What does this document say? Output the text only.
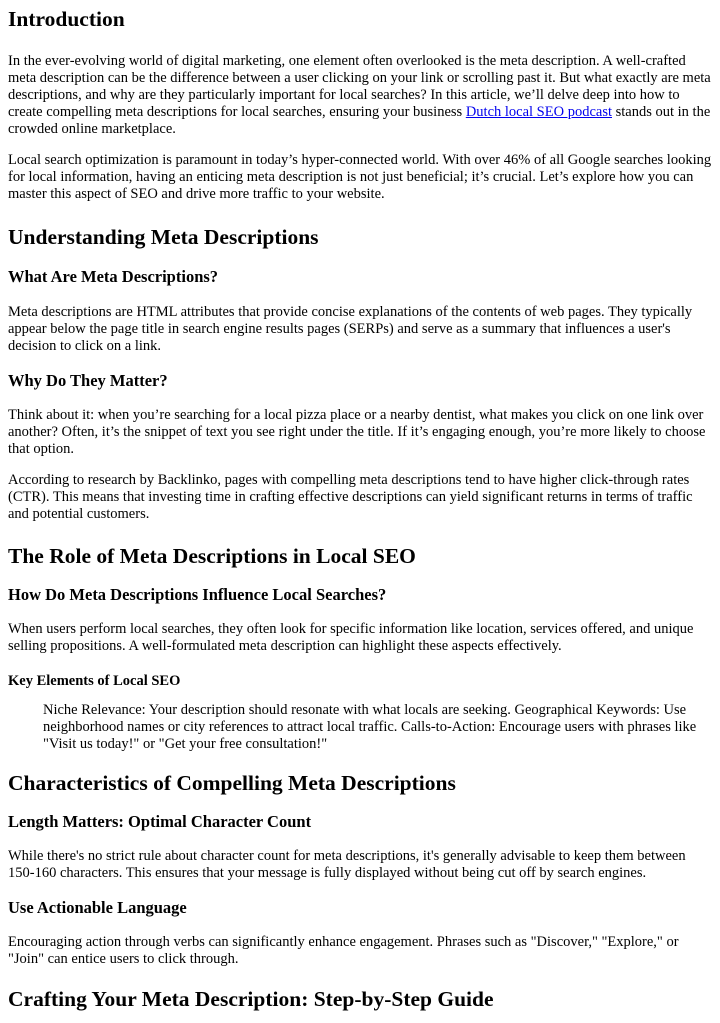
Introduction

In the ever-evolving world of digital marketing, one element often overlooked is the meta description. A well-crafted meta description can be the difference between a user clicking on your link or scrolling past it. But what exactly are meta descriptions, and why are they particularly important for local searches? In this article, we’ll delve deep into how to create compelling meta descriptions for local searches, ensuring your business Dutch local SEO podcast stands out in the crowded online marketplace.

Local search optimization is paramount in today’s hyper-connected world. With over 46% of all Google searches looking for local information, having an enticing meta description is not just beneficial; it’s crucial. Let’s explore how you can master this aspect of SEO and drive more traffic to your website.

Understanding Meta Descriptions
What Are Meta Descriptions?

Meta descriptions are HTML attributes that provide concise explanations of the contents of web pages. They typically appear below the page title in search engine results pages (SERPs) and serve as a summary that influences a user's decision to click on a link.

Why Do They Matter?

Think about it: when you’re searching for a local pizza place or a nearby dentist, what makes you click on one link over another? Often, it’s the snippet of text you see right under the title. If it’s engaging enough, you’re more likely to choose that option.

According to research by Backlinko, pages with compelling meta descriptions tend to have higher click-through rates (CTR). This means that investing time in crafting effective descriptions can yield significant returns in terms of traffic and potential customers.

The Role of Meta Descriptions in Local SEO
How Do Meta Descriptions Influence Local Searches?

When users perform local searches, they often look for specific information like location, services offered, and unique selling propositions. A well-formulated meta description can highlight these aspects effectively.

Key Elements of Local SEO

Niche Relevance: Your description should resonate with what locals are seeking. Geographical Keywords: Use neighborhood names or city references to attract local traffic. Calls-to-Action: Encourage users with phrases like "Visit us today!" or "Get your free consultation!"

Characteristics of Compelling Meta Descriptions
Length Matters: Optimal Character Count

While there's no strict rule about character count for meta descriptions, it's generally advisable to keep them between 150-160 characters. This ensures that your message is fully displayed without being cut off by search engines.

Use Actionable Language

Encouraging action through verbs can significantly enhance engagement. Phrases such as "Discover," "Explore," or "Join" can entice users to click through.

Crafting Your Meta Description: Step-by-Step Guide
